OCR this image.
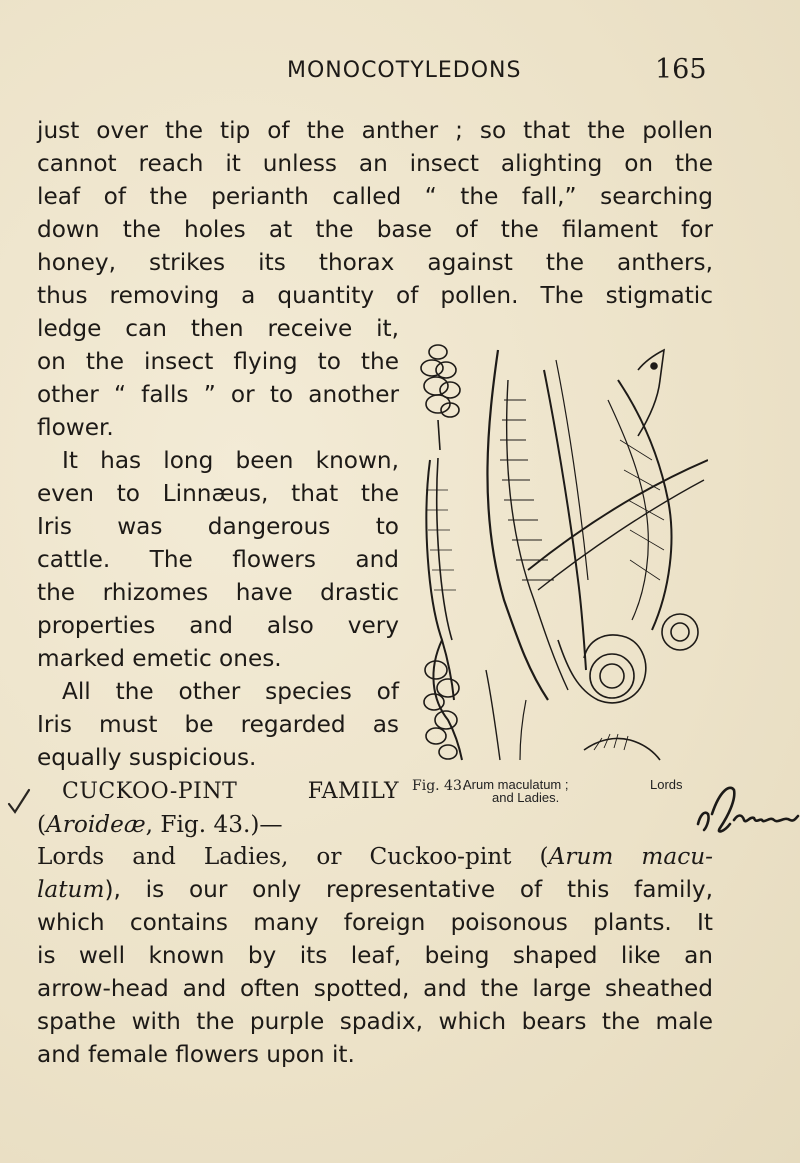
MONOCOTYLEDONS	165

just over the tip of the anther ; so that the pollen
cannot reach it unless an insect alighting on the
leaf of the perianth called “ the fall,” searching
down the holes at the base of the filament for
honey, strikes its thorax against the anthers,
thus removing a quantity of pollen. The stigmatic

ledge can then receive it,
on the insect flying to the
other “ falls ” or to another
flower.

It has long been known,
even to Linnæus, that the
Iris was dangerous to
cattle. The flowers and
the rhizomes have drastic
properties and also very
marked emetic ones.

All the other species of
Iris must be regarded as
equally suspicious.

CUCKOO-PINT FAMILY
(Aroideæ, Fig. 43.)—

Lords and Ladies, or Cuckoo-pint (Arum macu-
latum), is our only representative of this family,
which contains many foreign poisonous plants. It
is well known by its leaf, being shaped like an
arrow-head and often spotted, and the large sheathed
spathe with the purple spadix, which bears the male
and female flowers upon it.

Fig. 43.
Arum maculatum ;	Lords
and Ladies.
